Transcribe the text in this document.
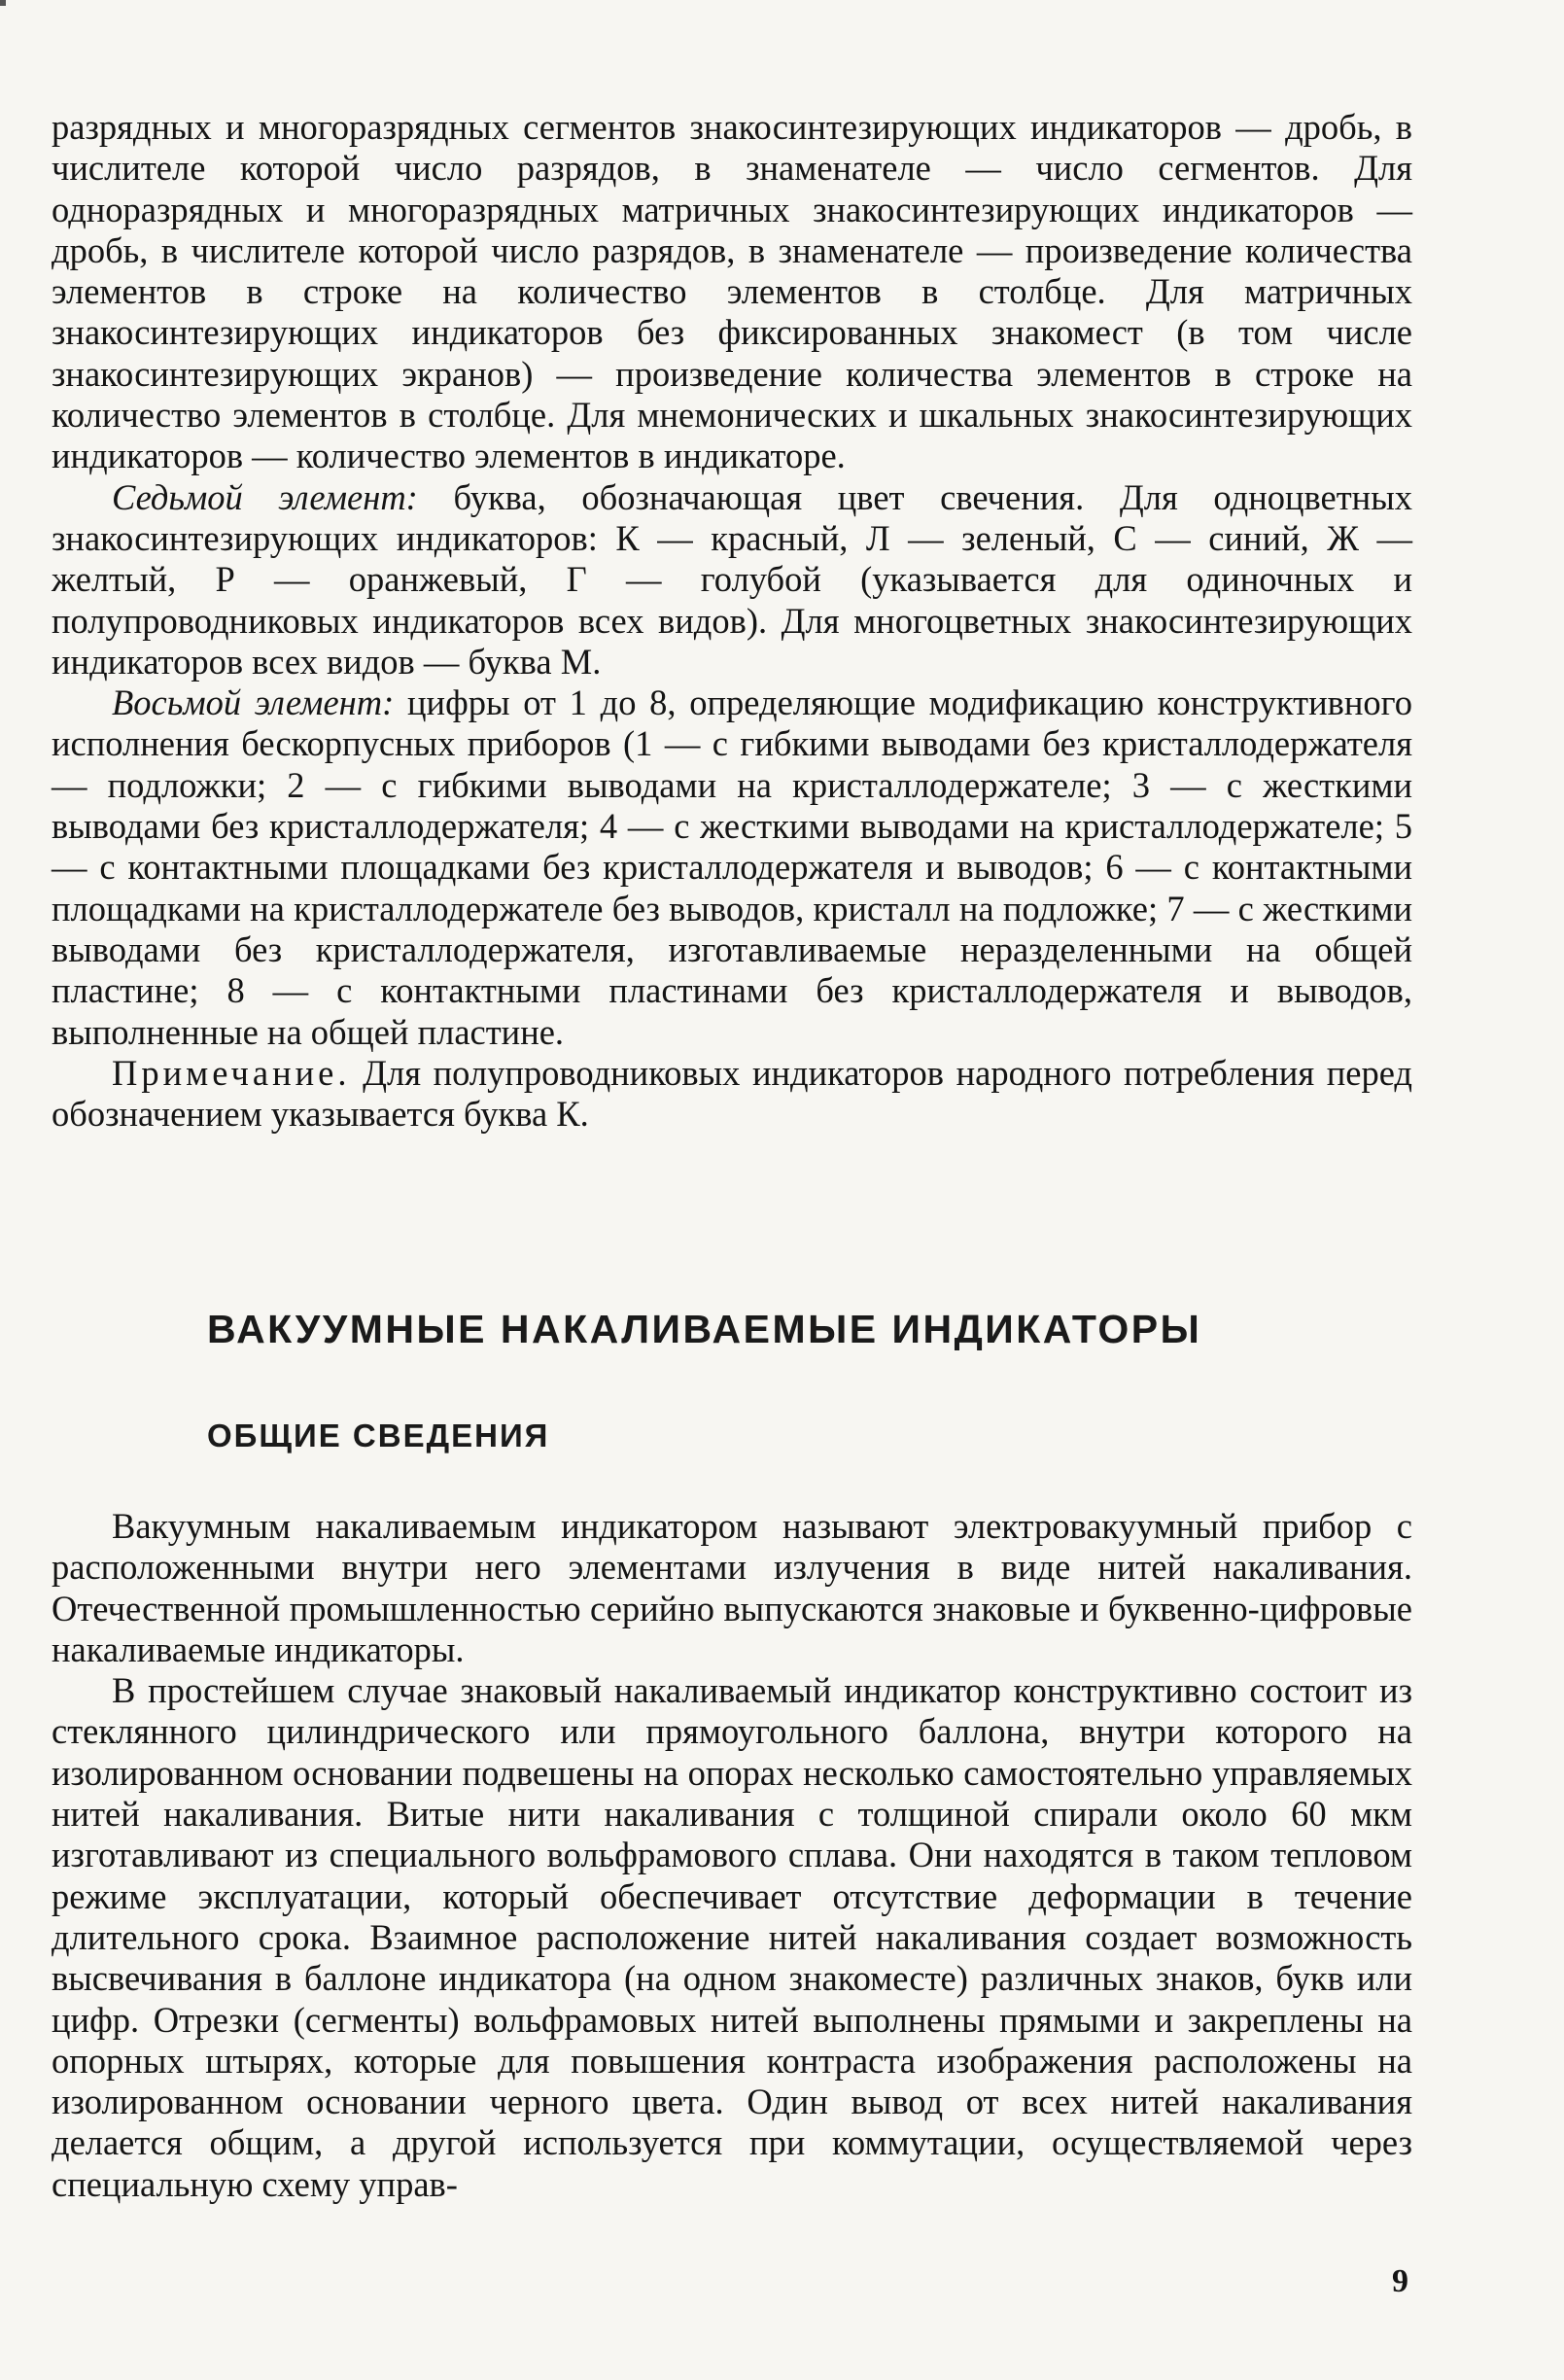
разрядных и многоразрядных сегментов знакосинтезирующих индикаторов — дробь, в числителе которой число разрядов, в знаменателе — число сегментов. Для одноразрядных и многоразрядных матричных знакосинтезирующих индикаторов — дробь, в числителе которой число разрядов, в знаменателе — произведение количества элементов в строке на количество элементов в столбце. Для матричных знакосинтезирующих индикаторов без фиксированных знакомест (в том числе знакосинтезирующих экранов) — произведение количества элементов в строке на количество элементов в столбце. Для мнемонических и шкальных знакосинтезирующих индикаторов — количество элементов в индикаторе.

Седьмой элемент: буква, обозначающая цвет свечения. Для одноцветных знакосинтезирующих индикаторов: К — красный, Л — зеленый, С — синий, Ж — желтый, Р — оранжевый, Г — голубой (указывается для одиночных и полупроводниковых индикаторов всех видов). Для многоцветных знакосинтезирующих индикаторов всех видов — буква М.

Восьмой элемент: цифры от 1 до 8, определяющие модификацию конструктивного исполнения бескорпусных приборов (1 — с гибкими выводами без кристаллодержателя — подложки; 2 — с гибкими выводами на кристаллодержателе; 3 — с жесткими выводами без кристаллодержателя; 4 — с жесткими выводами на кристаллодержателе; 5— с контактными площадками без кристаллодержателя и выводов; 6 — с контактными площадками на кристаллодержателе без выводов, кристалл на подложке; 7 — с жесткими выводами без кристаллодержателя, изготавливаемые неразделенными на общей пластине; 8 — с контактными пластинами без кристаллодержателя и выводов, выполненные на общей пластине.

Примечание. Для полупроводниковых индикаторов народного потребления перед обозначением указывается буква К.

ВАКУУМНЫЕ НАКАЛИВАЕМЫЕ ИНДИКАТОРЫ
ОБЩИЕ СВЕДЕНИЯ

Вакуумным накаливаемым индикатором называют электровакуумный прибор с расположенными внутри него элементами излучения в виде нитей накаливания. Отечественной промышленностью серийно выпускаются знаковые и буквенно-цифровые накаливаемые индикаторы.

В простейшем случае знаковый накаливаемый индикатор конструктивно состоит из стеклянного цилиндрического или прямоугольного баллона, внутри которого на изолированном основании подвешены на опорах несколько самостоятельно управляемых нитей накаливания. Витые нити накаливания с толщиной спирали около 60 мкм изготавливают из специального вольфрамового сплава. Они находятся в таком тепловом режиме эксплуатации, который обеспечивает отсутствие деформации в течение длительного срока. Взаимное расположение нитей накаливания создает возможность высвечивания в баллоне индикатора (на одном знакоместе) различных знаков, букв или цифр. Отрезки (сегменты) вольфрамовых нитей выполнены прямыми и закреплены на опорных штырях, которые для повышения контраста изображения расположены на изолированном основании черного цвета. Один вывод от всех нитей накаливания делается общим, а другой используется при коммутации, осуществляемой через специальную схему управ-

9
